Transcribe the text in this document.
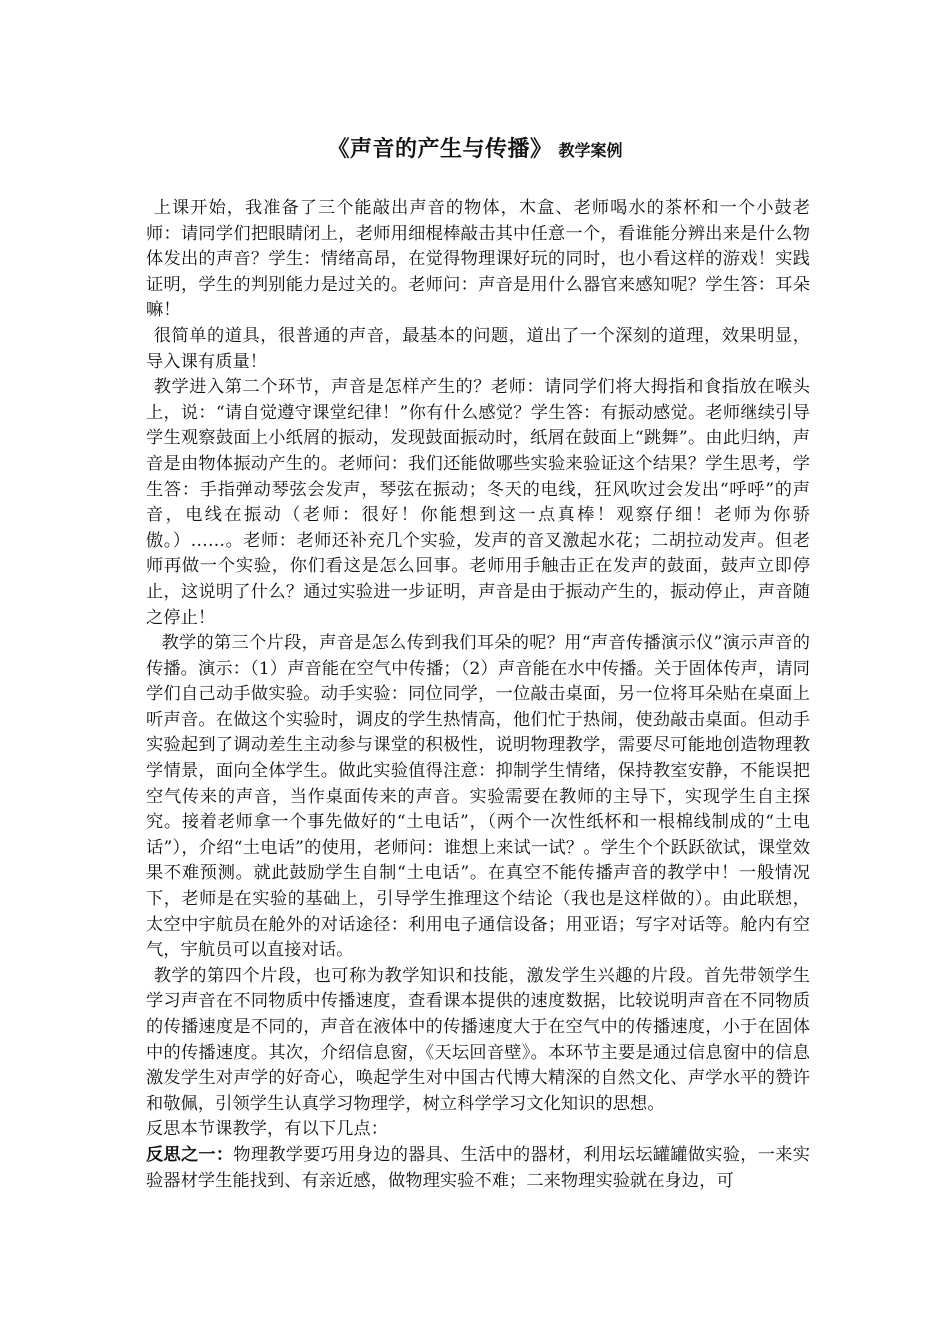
《声音的产生与传播》 教学案例

上课开始，我准备了三个能敲出声音的物体，木盒、老师喝水的茶杯和一个小鼓老师：请同学们把眼睛闭上，老师用细棍棒敲击其中任意一个，看谁能分辨出来是什么物体发出的声音？学生：情绪高昂，在觉得物理课好玩的同时，也小看这样的游戏！实践证明，学生的判别能力是过关的。老师问：声音是用什么器官来感知呢？学生答：耳朵嘛！

很简单的道具，很普通的声音，最基本的问题，道出了一个深刻的道理，效果明显，导入课有质量！

教学进入第二个环节，声音是怎样产生的？老师：请同学们将大拇指和食指放在喉头上，说：“请自觉遵守课堂纪律！”你有什么感觉？学生答：有振动感觉。老师继续引导学生观察鼓面上小纸屑的振动，发现鼓面振动时，纸屑在鼓面上“跳舞”。由此归纳，声音是由物体振动产生的。老师问：我们还能做哪些实验来验证这个结果？学生思考，学生答：手指弹动琴弦会发声，琴弦在振动；冬天的电线，狂风吹过会发出“呼呼”的声音，电线在振动（老师：很好！你能想到这一点真棒！观察仔细！老师为你骄傲。）……。老师：老师还补充几个实验，发声的音叉激起水花；二胡拉动发声。但老师再做一个实验，你们看这是怎么回事。老师用手触击正在发声的鼓面，鼓声立即停止，这说明了什么？通过实验进一步证明，声音是由于振动产生的，振动停止，声音随之停止！

教学的第三个片段，声音是怎么传到我们耳朵的呢？用“声音传播演示仪”演示声音的传播。演示：（1）声音能在空气中传播；（2）声音能在水中传播。关于固体传声，请同学们自己动手做实验。动手实验：同位同学，一位敲击桌面，另一位将耳朵贴在桌面上听声音。在做这个实验时，调皮的学生热情高，他们忙于热闹，使劲敲击桌面。但动手实验起到了调动差生主动参与课堂的积极性，说明物理教学，需要尽可能地创造物理教学情景，面向全体学生。做此实验值得注意：抑制学生情绪，保持教室安静，不能误把空气传来的声音，当作桌面传来的声音。实验需要在教师的主导下，实现学生自主探究。接着老师拿一个事先做好的“土电话”，（两个一次性纸杯和一根棉线制成的“土电话”），介绍“土电话”的使用，老师问：谁想上来试一试？。学生个个跃跃欲试，课堂效果不难预测。就此鼓励学生自制“土电话”。在真空不能传播声音的教学中！一般情况下，老师是在实验的基础上，引导学生推理这个结论（我也是这样做的）。由此联想，太空中宇航员在舱外的对话途径：利用电子通信设备；用亚语；写字对话等。舱内有空气，宇航员可以直接对话。

教学的第四个片段，也可称为教学知识和技能，激发学生兴趣的片段。首先带领学生学习声音在不同物质中传播速度，查看课本提供的速度数据，比较说明声音在不同物质的传播速度是不同的，声音在液体中的传播速度大于在空气中的传播速度，小于在固体中的传播速度。其次，介绍信息窗，《天坛回音壁》。本环节主要是通过信息窗中的信息激发学生对声学的好奇心，唤起学生对中国古代博大精深的自然文化、声学水平的赞许和敬佩，引领学生认真学习物理学，树立科学学习文化知识的思想。

反思本节课教学，有以下几点：

反思之一：物理教学要巧用身边的器具、生活中的器材，利用坛坛罐罐做实验，一来实验器材学生能找到、有亲近感，做物理实验不难；二来物理实验就在身边，可
